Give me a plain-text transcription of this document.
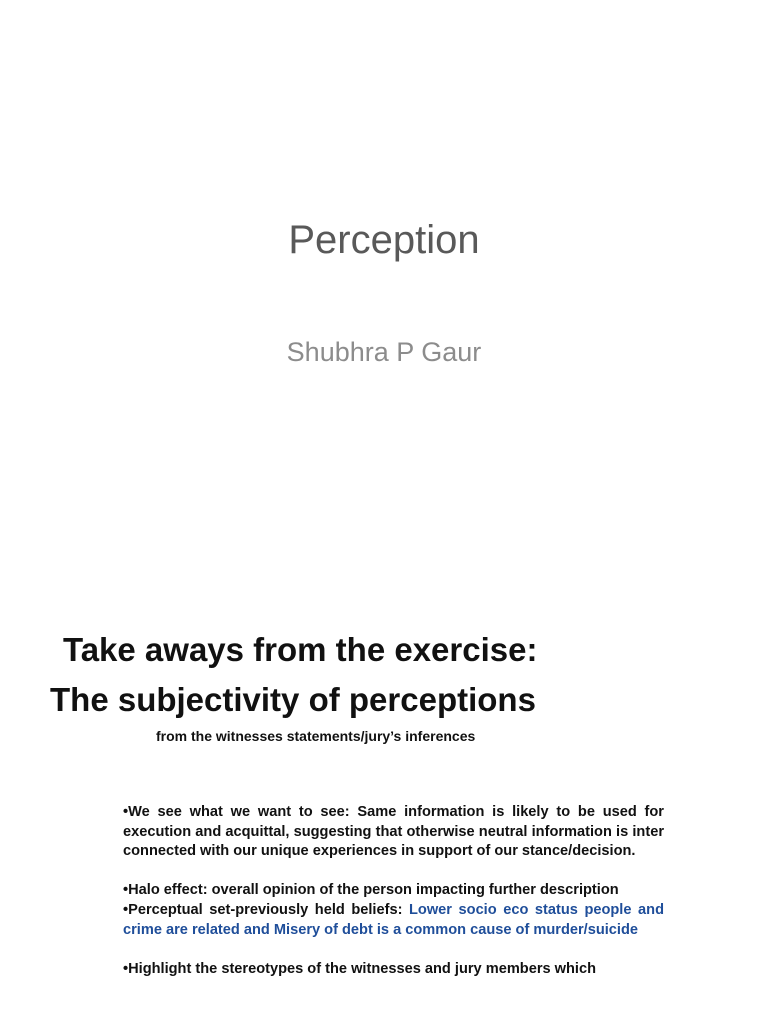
Perception
Shubhra P Gaur
Take aways from the exercise:
The subjectivity of perceptions
from the witnesses statements/jury’s inferences

•We see what we want to see: Same information is likely to be used for execution and acquittal, suggesting that otherwise neutral information is inter connected with our unique experiences in support of our stance/decision.

•Halo effect: overall opinion of the person impacting further description

•Perceptual set-previously held beliefs: Lower socio eco status people and crime are related and Misery of debt is a common cause of murder/suicide

•Highlight the stereotypes of the witnesses and jury members which
